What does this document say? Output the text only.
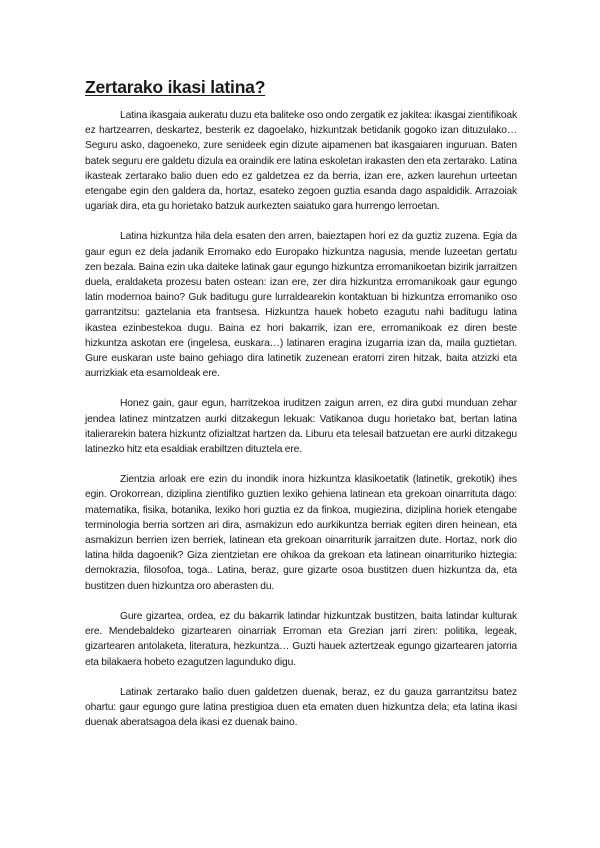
Zertarako ikasi latina?

Latina ikasgaia aukeratu duzu eta baliteke oso ondo zergatik ez jakitea: ikasgai zientifikoak ez hartzearren, deskartez, besterik ez dagoelako, hizkuntzak betidanik gogoko izan dituzulako… Seguru asko, dagoeneko, zure senideek egin dizute aipamenen bat ikasgaiaren inguruan. Baten batek seguru ere galdetu dizula ea oraindik ere latina eskoletan irakasten den eta zertarako. Latina ikasteak zertarako balio duen edo ez galdetzea ez da berria, izan ere, azken laurehun urteetan etengabe egin den galdera da, hortaz, esateko zegoen guztia esanda dago aspaldidik. Arrazoiak ugariak dira, eta gu horietako batzuk aurkezten saiatuko gara hurrengo lerroetan.

Latina hizkuntza hila dela esaten den arren, baieztapen hori ez da guztiz zuzena. Egia da gaur egun ez dela jadanik Erromako edo Europako hizkuntza nagusia, mende luzeetan gertatu zen bezala. Baina ezin uka daiteke latinak gaur egungo hizkuntza erromanikoetan bizirik jarraitzen duela, eraldaketa prozesu baten ostean: izan ere, zer dira hizkuntza erromanikoak gaur egungo latin modernoa baino? Guk baditugu gure lurraldearekin kontaktuan bi hizkuntza erromaniko oso garrantzitsu: gaztelania eta frantsesa. Hizkuntza hauek hobeto ezagutu nahi baditugu latina ikastea ezinbestekoa dugu. Baina ez hori bakarrik, izan ere, erromanikoak ez diren beste hizkuntza askotan ere (ingelesa, euskara…) latinaren eragina izugarria izan da, maila guztietan. Gure euskaran uste baino gehiago dira latinetik zuzenean eratorri ziren hitzak, baita atzizki eta aurrizkiak eta esamoldeak ere.

Honez gain, gaur egun, harritzekoa iruditzen zaigun arren, ez dira gutxi munduan zehar jendea latinez mintzatzen aurki ditzakegun lekuak: Vatikanoa dugu horietako bat, bertan latina italierarekin batera hizkuntz ofizialtzat hartzen da. Liburu eta telesail batzuetan ere aurki ditzakegu latinezko hitz eta esaldiak erabiltzen dituztela ere.

Zientzia arloak ere ezin du inondik inora hizkuntza klasikoetatik (latinetik, grekotik) ihes egin. Orokorrean, diziplina zientifiko guztien lexiko gehiena latinean eta grekoan oinarrituta dago: matematika, fisika, botanika, lexiko hori guztia ez da finkoa, mugiezina, diziplina horiek etengabe terminologia berria sortzen ari dira, asmakizun edo aurkikuntza berriak egiten diren heinean, eta asmakizun berrien izen berriek, latinean eta grekoan oinarriturik jarraitzen dute. Hortaz, nork dio latina hilda dagoenik? Giza zientzietan ere ohikoa da grekoan eta latinean oinarrituriko hiztegia: demokrazia, filosofoa, toga.. Latina, beraz, gure gizarte osoa bustitzen duen hizkuntza da, eta bustitzen duen hizkuntza oro aberasten du.

Gure gizartea, ordea, ez du bakarrik latindar hizkuntzak bustitzen, baita latindar kulturak ere. Mendebaldeko gizartearen oinarriak Erroman eta Grezian jarri ziren: politika, legeak, gizartearen antolaketa, literatura, hezkuntza… Guzti hauek aztertzeak egungo gizartearen jatorria eta bilakaera hobeto ezagutzen lagunduko digu.

Latinak zertarako balio duen galdetzen duenak, beraz, ez du gauza garrantzitsu batez ohartu: gaur egungo gure latina prestigioa duen eta ematen duen hizkuntza dela; eta latina ikasi duenak aberatsagoa dela ikasi ez duenak baino.
